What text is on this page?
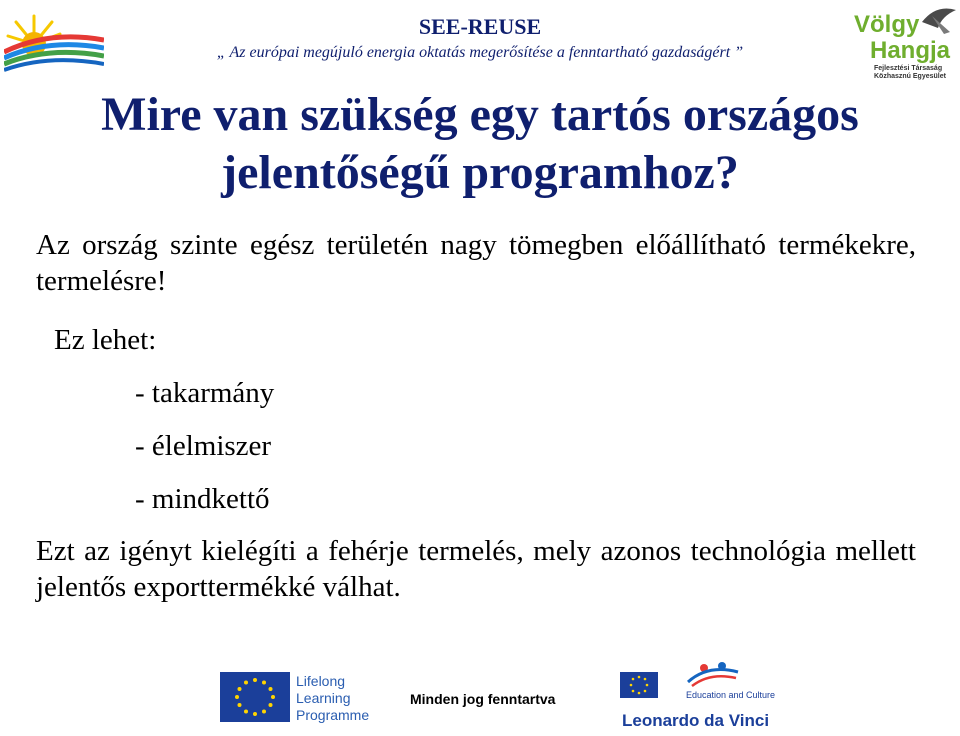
SEE-REUSE
„ Az európai megújuló energia oktatás megerősítése a fenntartható gazdaságért ”
Völgy
Hangja
Fejlesztési Társaság
Közhasznú Egyesület
Mire van szükség egy tartós országos jelentőségű programhoz?
Az ország szinte egész területén nagy tömegben előállítható termékekre, termelésre!
Ez lehet:
- takarmány
- élelmiszer
- mindkettő
Ezt az igényt kielégíti a fehérje termelés, mely azonos technológia mellett jelentős exporttermékké válhat.
Lifelong
Learning
Programme
Minden jog fenntartva	Education and Culture
Leonardo da Vinci
